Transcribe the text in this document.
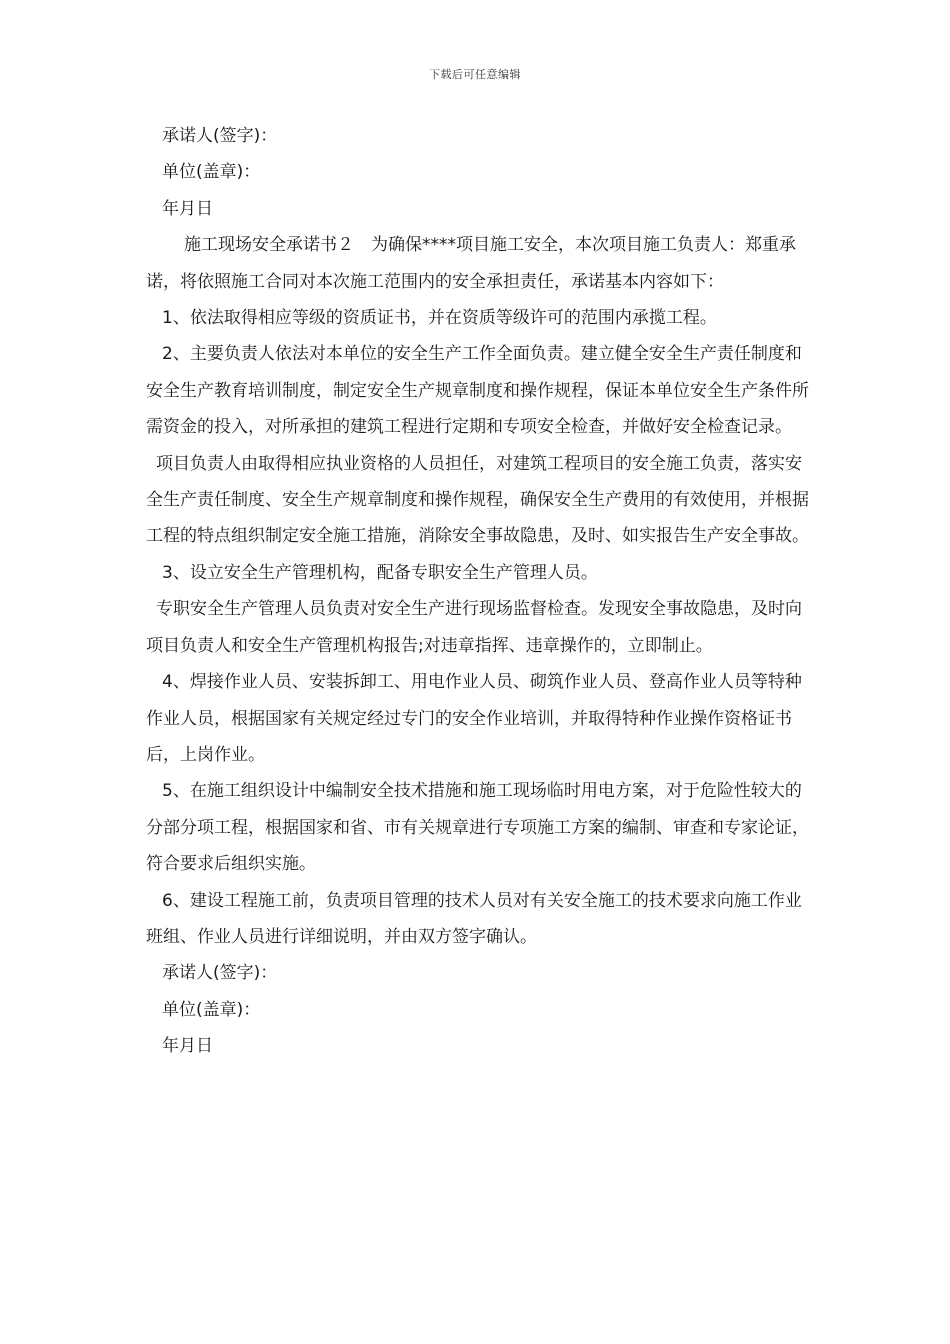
下载后可任意编辑

承诺人(签字)：

单位(盖章)：

年月日

施工现场安全承诺书２　为确保****项目施工安全，本次项目施工负责人：郑重承诺，将依照施工合同对本次施工范围内的安全承担责任，承诺基本内容如下：

1、依法取得相应等级的资质证书，并在资质等级许可的范围内承揽工程。

2、主要负责人依法对本单位的安全生产工作全面负责。建立健全安全生产责任制度和安全生产教育培训制度，制定安全生产规章制度和操作规程，保证本单位安全生产条件所需资金的投入，对所承担的建筑工程进行定期和专项安全检查，并做好安全检查记录。

项目负责人由取得相应执业资格的人员担任，对建筑工程项目的安全施工负责，落实安全生产责任制度、安全生产规章制度和操作规程，确保安全生产费用的有效使用，并根据工程的特点组织制定安全施工措施，消除安全事故隐患，及时、如实报告生产安全事故。

3、设立安全生产管理机构，配备专职安全生产管理人员。

专职安全生产管理人员负责对安全生产进行现场监督检查。发现安全事故隐患，及时向项目负责人和安全生产管理机构报告;对违章指挥、违章操作的，立即制止。

4、焊接作业人员、安装拆卸工、用电作业人员、砌筑作业人员、登高作业人员等特种作业人员，根据国家有关规定经过专门的安全作业培训，并取得特种作业操作资格证书后，上岗作业。

5、在施工组织设计中编制安全技术措施和施工现场临时用电方案，对于危险性较大的分部分项工程，根据国家和省、市有关规章进行专项施工方案的编制、审查和专家论证，符合要求后组织实施。

6、建设工程施工前，负责项目管理的技术人员对有关安全施工的技术要求向施工作业班组、作业人员进行详细说明，并由双方签字确认。

承诺人(签字)：

单位(盖章)：

年月日
